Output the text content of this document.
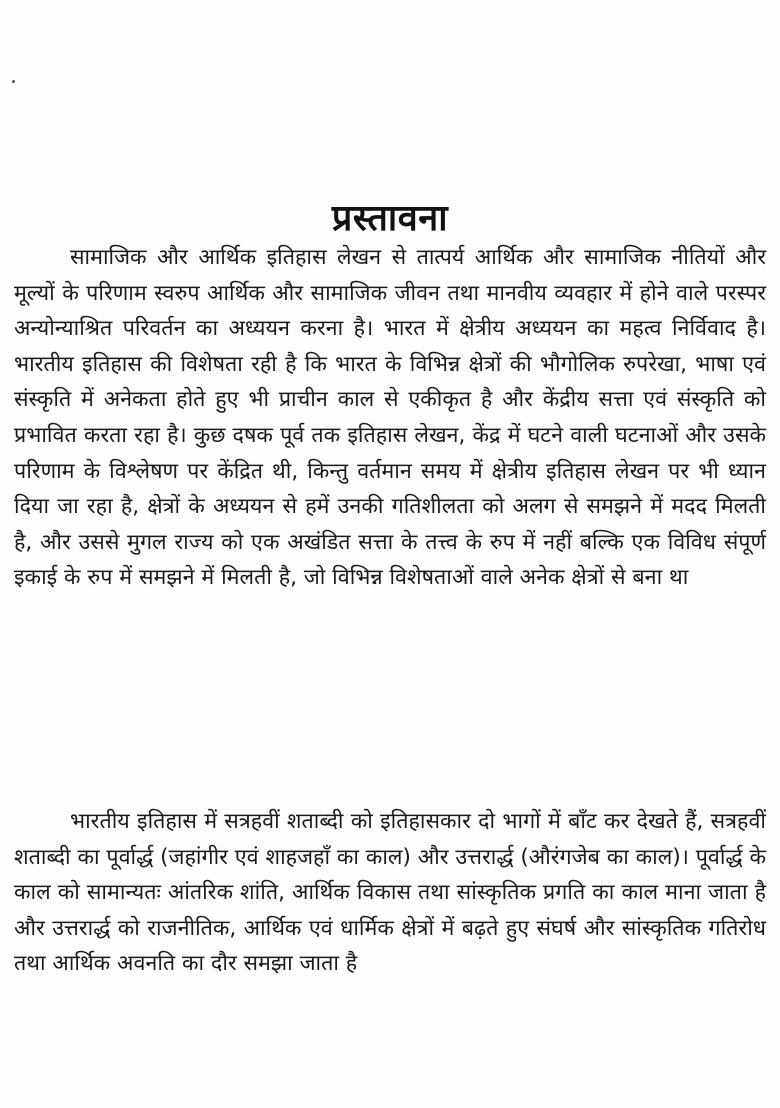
प्रस्तावना

सामाजिक और आर्थिक इतिहास लेखन से तात्पर्य आर्थिक और सामाजिक नीतियों और मूल्यों के परिणाम स्वरुप आर्थिक और सामाजिक जीवन तथा मानवीय व्यवहार में होने वाले परस्पर अन्योन्याश्रित परिवर्तन का अध्ययन करना है। भारत में क्षेत्रीय अध्ययन का महत्व निर्विवाद है। भारतीय इतिहास की विशेषता रही है कि भारत के विभिन्न क्षेत्रों की भौगोलिक रुपरेखा, भाषा एवं संस्कृति में अनेकता होते हुए भी प्राचीन काल से एकीकृत है और केंद्रीय सत्ता एवं संस्कृति को प्रभावित करता रहा है। कुछ दषक पूर्व तक इतिहास लेखन, केंद्र में घटने वाली घटनाओं और उसके परिणाम के विश्लेषण पर केंद्रित थी, किन्तु वर्तमान समय में क्षेत्रीय इतिहास लेखन पर भी ध्यान दिया जा रहा है, क्षेत्रों के अध्ययन से हमें उनकी गतिशीलता को अलग से समझने में मदद मिलती है, और उससे मुगल राज्य को एक अखंडित सत्ता के तत्त्व के रुप में नहीं बल्कि एक विविध संपूर्ण इकाई के रुप में समझने में मिलती है, जो विभिन्न विशेषताओं वाले अनेक क्षेत्रों से बना था

भारतीय इतिहास में सत्रहवीं शताब्दी को इतिहासकार दो भागों में बाँट कर देखते हैं, सत्रहवीं शताब्दी का पूर्वार्द्ध (जहांगीर एवं शाहजहाँ का काल) और उत्तरार्द्ध (औरंगजेब का काल)। पूर्वार्द्ध के काल को सामान्यतः आंतरिक शांति, आर्थिक विकास तथा सांस्कृतिक प्रगति का काल माना जाता है और उत्तरार्द्ध को राजनीतिक, आर्थिक एवं धार्मिक क्षेत्रों में बढ़ते हुए संघर्ष और सांस्कृतिक गतिरोध तथा आर्थिक अवनति का दौर समझा जाता है
